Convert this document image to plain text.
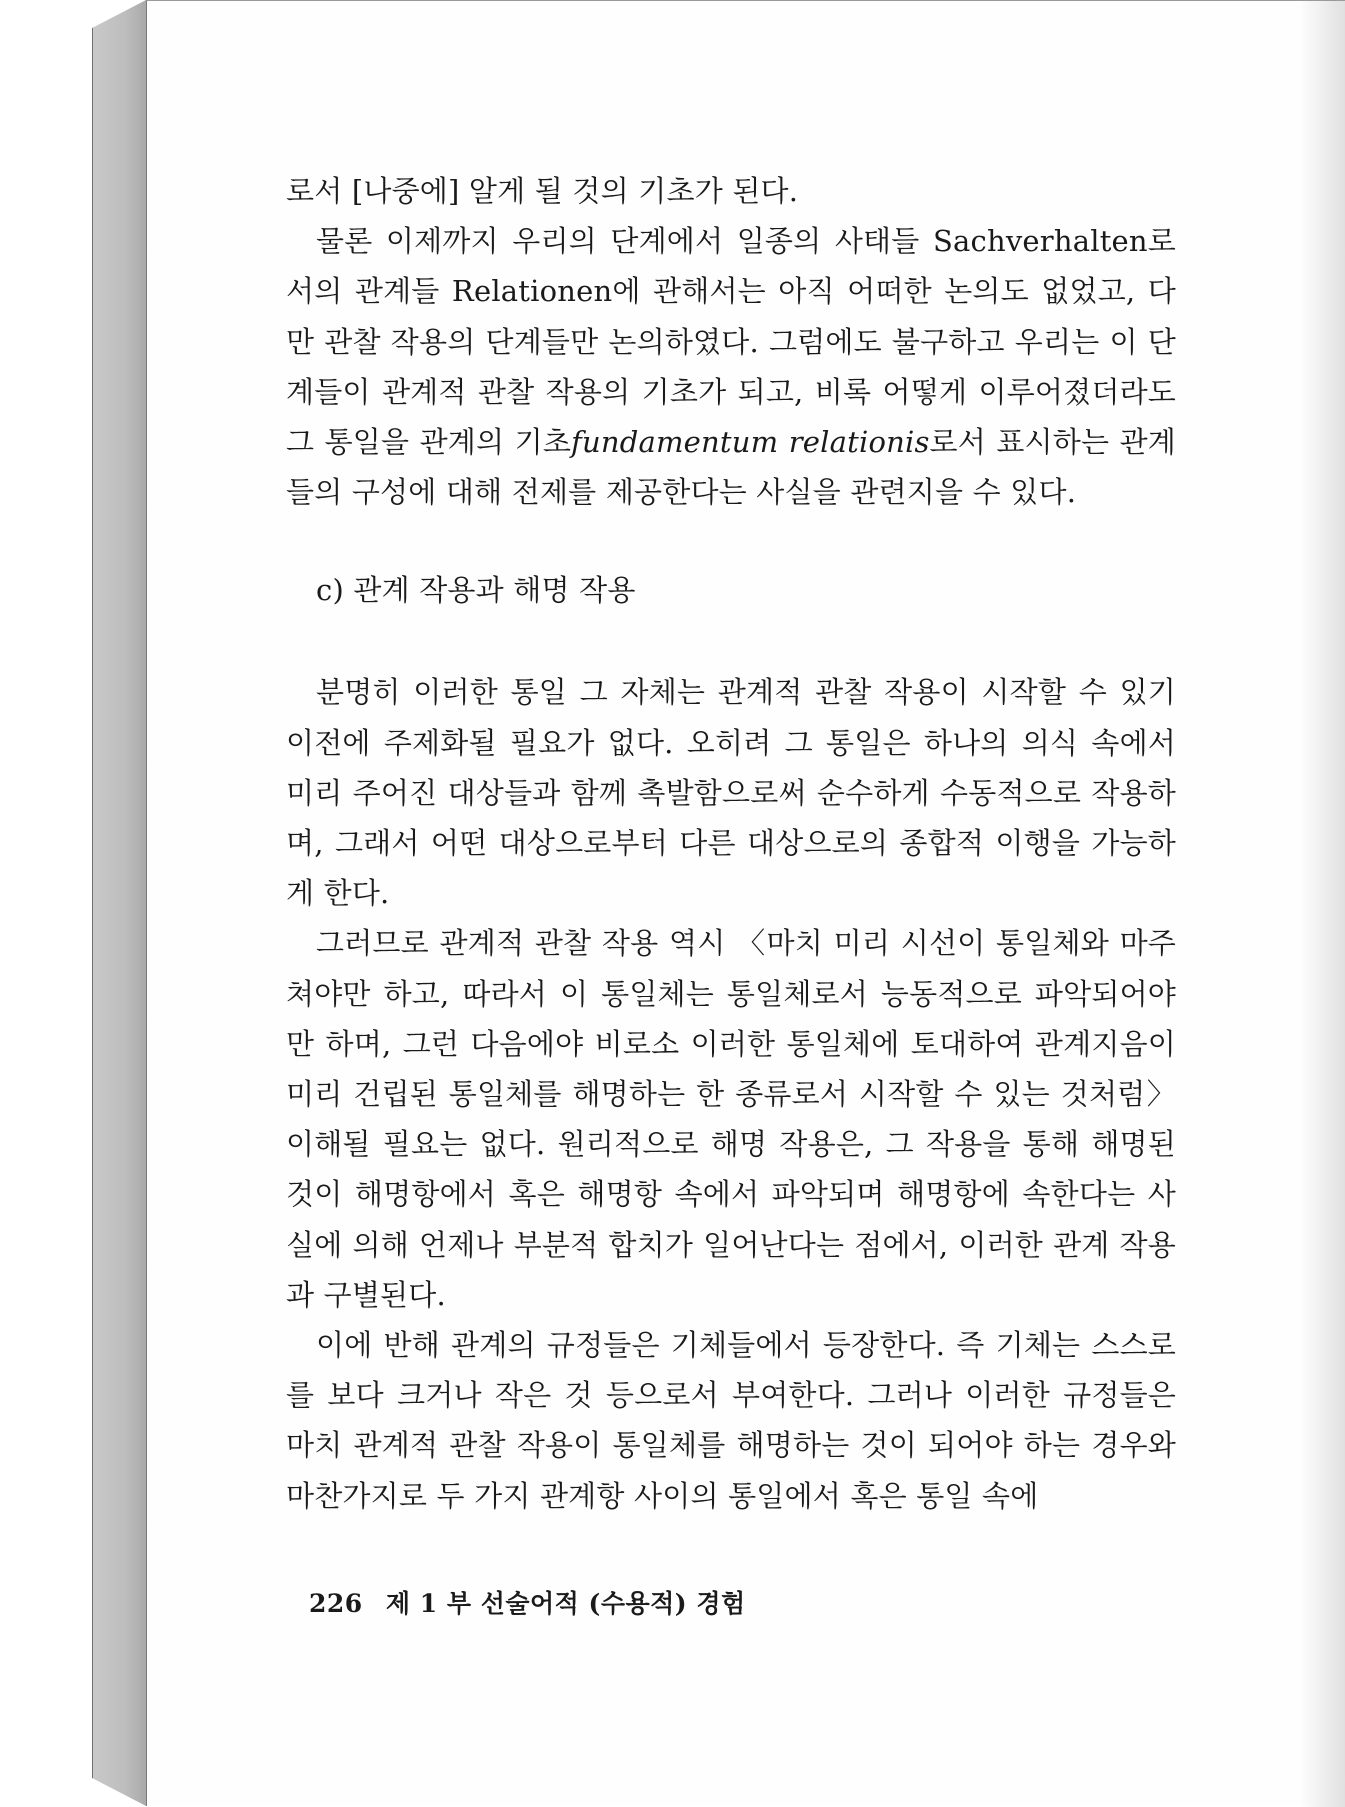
로서 [나중에] 알게 될 것의 기초가 된다.

물론 이제까지 우리의 단계에서 일종의 사태들 Sachverhalten로서의 관계들 Relationen에 관해서는 아직 어떠한 논의도 없었고, 다만 관찰 작용의 단계들만 논의하였다. 그럼에도 불구하고 우리는 이 단계들이 관계적 관찰 작용의 기초가 되고, 비록 어떻게 이루어졌더라도 그 통일을 관계의 기초fundamentum relationis로서 표시하는 관계들의 구성에 대해 전제를 제공한다는 사실을 관련지을 수 있다.

c) 관계 작용과 해명 작용

분명히 이러한 통일 그 자체는 관계적 관찰 작용이 시작할 수 있기 이전에 주제화될 필요가 없다. 오히려 그 통일은 하나의 의식 속에서 미리 주어진 대상들과 함께 촉발함으로써 순수하게 수동적으로 작용하며, 그래서 어떤 대상으로부터 다른 대상으로의 종합적 이행을 가능하게 한다.

그러므로 관계적 관찰 작용 역시 〈마치 미리 시선이 통일체와 마주쳐야만 하고, 따라서 이 통일체는 통일체로서 능동적으로 파악되어야만 하며, 그런 다음에야 비로소 이러한 통일체에 토대하여 관계지음이 미리 건립된 통일체를 해명하는 한 종류로서 시작할 수 있는 것처럼〉 이해될 필요는 없다. 원리적으로 해명 작용은, 그 작용을 통해 해명된 것이 해명항에서 혹은 해명항 속에서 파악되며 해명항에 속한다는 사실에 의해 언제나 부분적 합치가 일어난다는 점에서, 이러한 관계 작용과 구별된다.

이에 반해 관계의 규정들은 기체들에서 등장한다. 즉 기체는 스스로를 보다 크거나 작은 것 등으로서 부여한다. 그러나 이러한 규정들은 마치 관계적 관찰 작용이 통일체를 해명하는 것이 되어야 하는 경우와 마찬가지로 두 가지 관계항 사이의 통일에서 혹은 통일 속에

226 제 1 부 선술어적 (수용적) 경험
